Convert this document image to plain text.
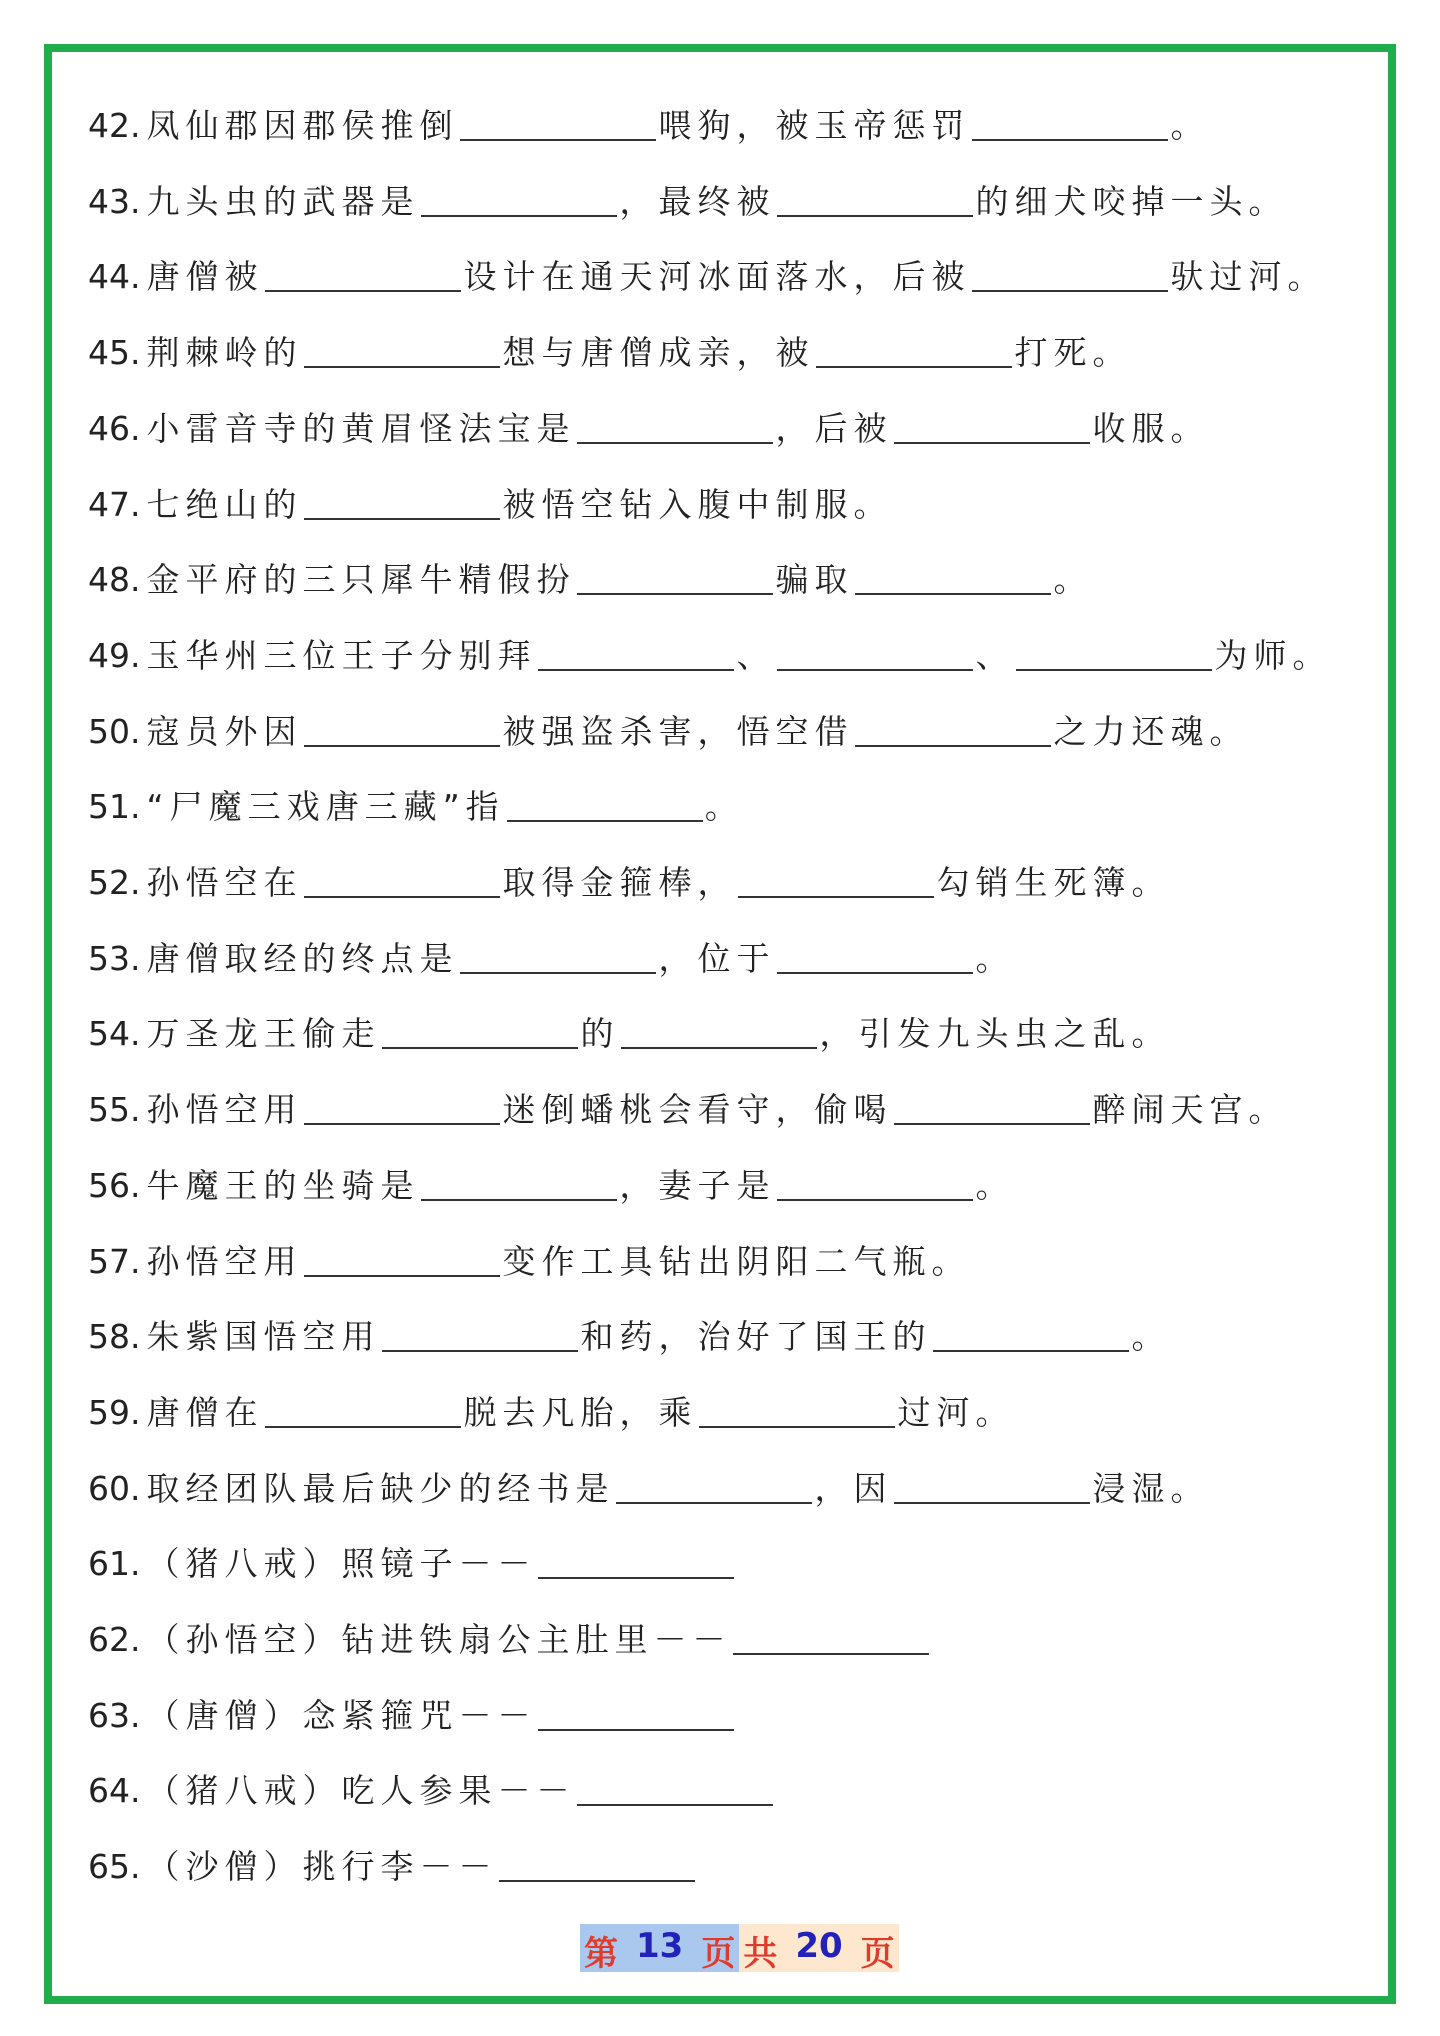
42. 凤仙郡因郡侯推倒	喂狗，被玉帝惩罚	。
43. 九头虫的武器是	，最终被	的细犬咬掉一头。
44. 唐僧被	设计在通天河冰面落水，后被	驮过河。
45. 荆棘岭的	想与唐僧成亲，被	打死。
46. 小雷音寺的黄眉怪法宝是	，后被	收服。
47. 七绝山的	被悟空钻入腹中制服。
48. 金平府的三只犀牛精假扮	骗取	。
49. 玉华州三位王子分别拜	、	、	为师。
50. 寇员外因	被强盗杀害，悟空借	之力还魂。
51. “尸魔三戏唐三藏”指	。
52. 孙悟空在	取得金箍棒，	勾销生死簿。
53. 唐僧取经的终点是	，位于	。
54. 万圣龙王偷走	的	，引发九头虫之乱。
55. 孙悟空用	迷倒蟠桃会看守，偷喝	醉闹天宫。
56. 牛魔王的坐骑是	，妻子是	。
57. 孙悟空用	变作工具钻出阴阳二气瓶。
58. 朱紫国悟空用	和药，治好了国王的	。
59. 唐僧在	脱去凡胎，乘	过河。
60. 取经团队最后缺少的经书是	，因	浸湿。
61. （猪八戒）照镜子－－
62. （孙悟空）钻进铁扇公主肚里－－
63. （唐僧）念紧箍咒－－
64. （猪八戒）吃人参果－－
65. （沙僧）挑行李－－
第 13 页 共 20 页
